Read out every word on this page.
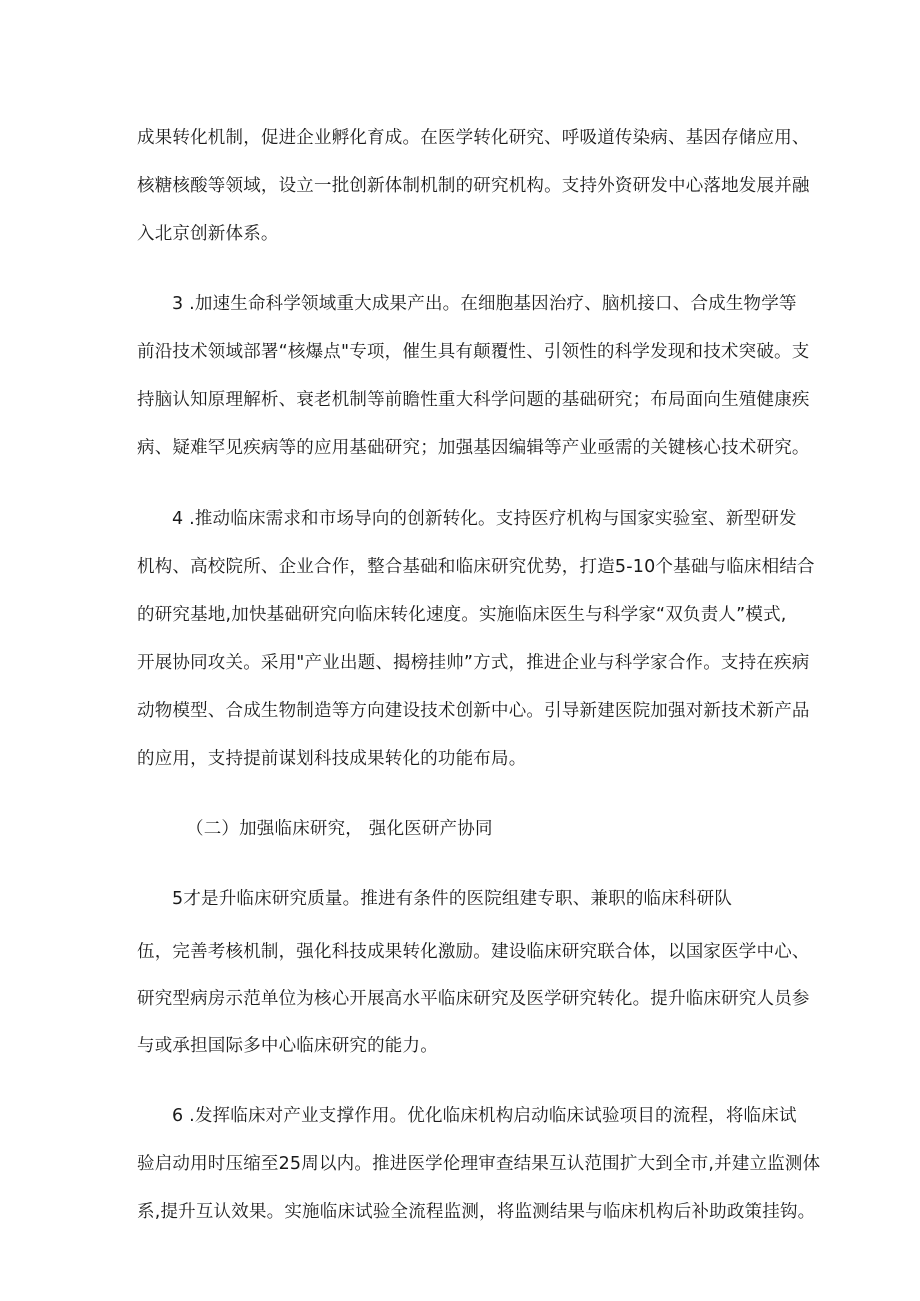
成果转化机制，促进企业孵化育成。在医学转化研究、呼吸道传染病、基因存储应用、
核糖核酸等领域，设立一批创新体制机制的研究机构。支持外资研发中心落地发展并融
入北京创新体系。
3 .加速生命科学领域重大成果产出。在细胞基因治疗、脑机接口、合成生物学等
前沿技术领域部署“核爆点"专项，催生具有颠覆性、引领性的科学发现和技术突破。支
持脑认知原理解析、衰老机制等前瞻性重大科学问题的基础研究；布局面向生殖健康疾
病、疑难罕见疾病等的应用基础研究；加强基因编辑等产业亟需的关键核心技术研究。
4 .推动临床需求和市场导向的创新转化。支持医疗机构与国家实验室、新型研发
机构、高校院所、企业合作，整合基础和临床研究优势，打造5-10个基础与临床相结合
的研究基地,加快基础研究向临床转化速度。实施临床医生与科学家“双负责人”模式,
开展协同攻关。采用"产业出题、揭榜挂帅”方式，推进企业与科学家合作。支持在疾病
动物模型、合成生物制造等方向建设技术创新中心。引导新建医院加强对新技术新产品
的应用，支持提前谋划科技成果转化的功能布局。
（二）加强临床研究， 强化医研产协同
5才是升临床研究质量。推进有条件的医院组建专职、兼职的临床科研队
伍，完善考核机制，强化科技成果转化激励。建设临床研究联合体，以国家医学中心、
研究型病房示范单位为核心开展高水平临床研究及医学研究转化。提升临床研究人员参
与或承担国际多中心临床研究的能力。
6 .发挥临床对产业支撑作用。优化临床机构启动临床试验项目的流程，将临床试
验启动用时压缩至25周以内。推进医学伦理审查结果互认范围扩大到全市,并建立监测体
系,提升互认效果。实施临床试验全流程监测，将监测结果与临床机构后补助政策挂钩。
